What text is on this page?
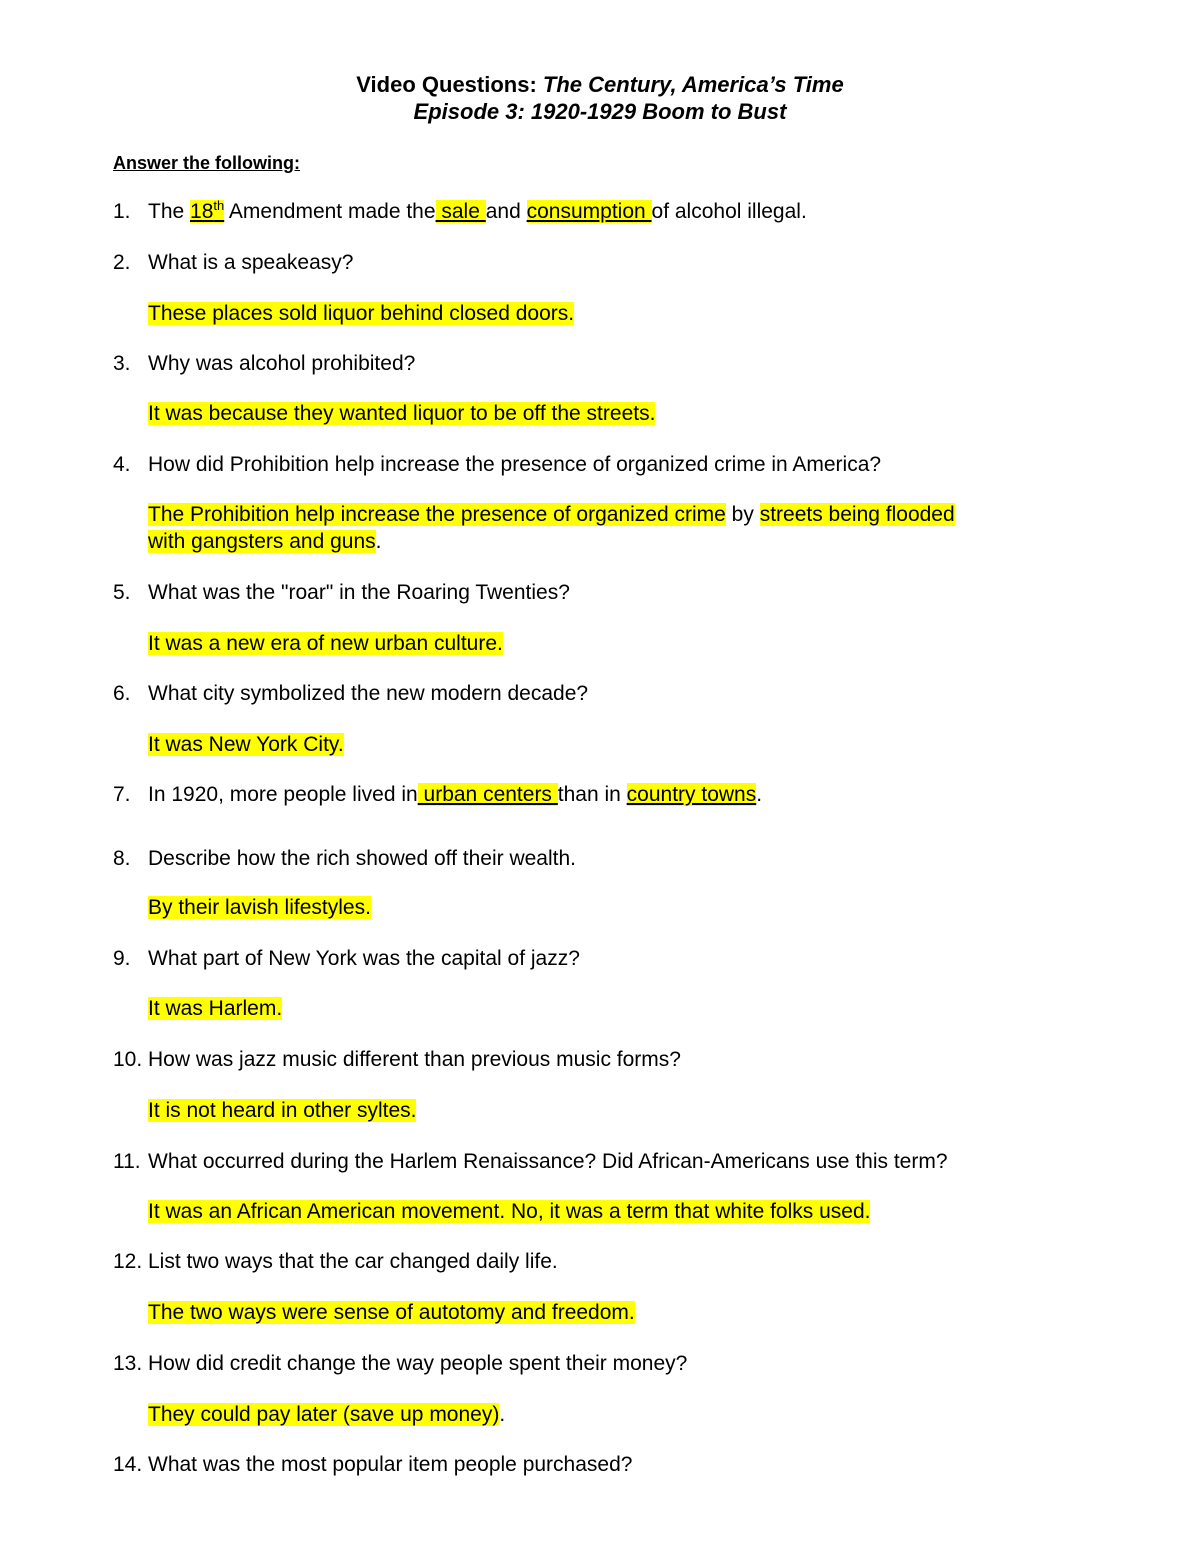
Video Questions: The Century, America’s Time
Episode 3: 1920-1929 Boom to Bust
Answer the following:
1. The 18th Amendment made the sale and consumption of alcohol illegal.
2. What is a speakeasy?
These places sold liquor behind closed doors.
3. Why was alcohol prohibited?
It was because they wanted liquor to be off the streets.
4. How did Prohibition help increase the presence of organized crime in America?
The Prohibition help increase the presence of organized crime by streets being flooded
with gangsters and guns.
5. What was the "roar" in the Roaring Twenties?
It was a new era of new urban culture.
6. What city symbolized the new modern decade?
It was New York City.
7. In 1920, more people lived in urban centers than in country towns.
8. Describe how the rich showed off their wealth.
By their lavish lifestyles.
9. What part of New York was the capital of jazz?
It was Harlem.
10. How was jazz music different than previous music forms?
It is not heard in other syltes.
11. What occurred during the Harlem Renaissance? Did African-Americans use this term?
It was an African American movement. No, it was a term that white folks used.
12. List two ways that the car changed daily life.
The two ways were sense of autotomy and freedom.
13. How did credit change the way people spent their money?
They could pay later (save up money).
14. What was the most popular item people purchased?
